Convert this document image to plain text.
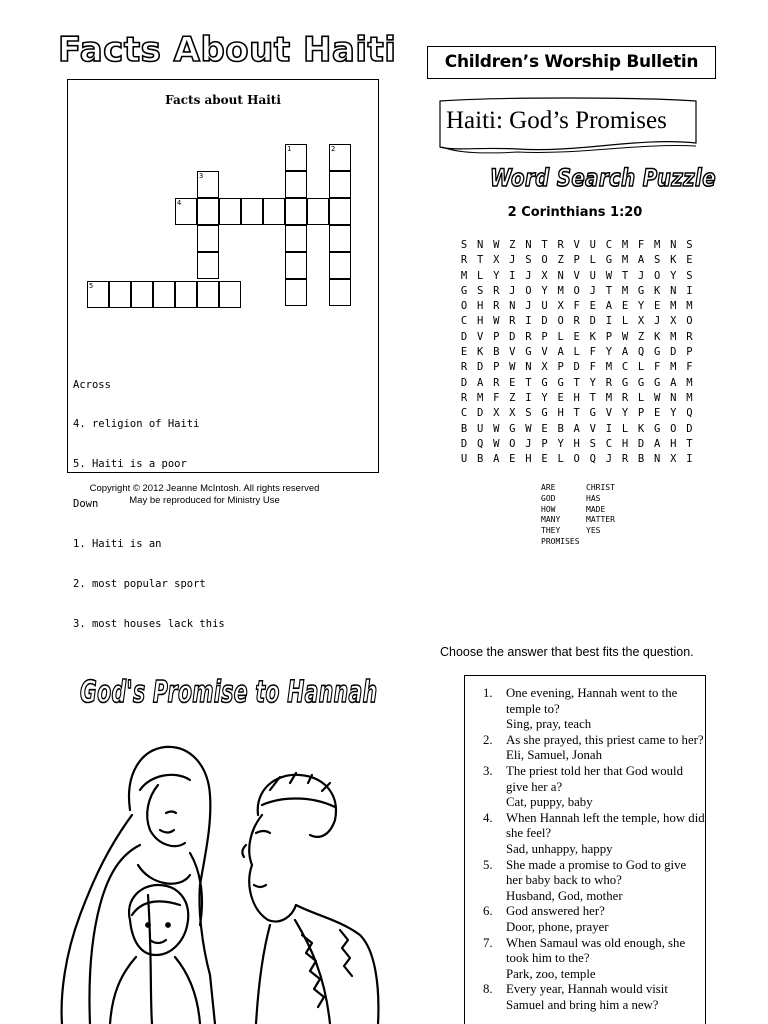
Facts About Haiti
Facts about Haiti
1	2
3
4
5

Across

4. religion of Haiti

5. Haiti is a poor

Down

1. Haiti is an

2. most popular sport

3. most houses lack this

Copyright © 2012 Jeanne McIntosh. All rights reserved
May be reproduced for Ministry Use
Children’s Worship Bulletin
Haiti: God’s Promises
Word Search Puzzle
2 Corinthians 1:20
S N W Z N T R V U C M F M N S
R T X J S O Z P L G M A S K E
M L Y I J X N V U W T J O Y S
G S R J O Y M O J T M G K N I
O H R N J U X F E A E Y E M M
C H W R I D O R D I L X J X O
D V P D R P L E K P W Z K M R
E K B V G V A L F Y A Q G D P
R D P W N X P D F M C L F M F
D A R E T G G T Y R G G G A M
R M F Z I Y E H T M R L W N M
C D X X S G H T G V Y P E Y Q
B U W G W E B A V I L K G O D
D Q W O J P Y H S C H D A H T
U B A E H E L O Q J R B N X I
ARE	CHRIST
GOD	HAS
HOW	MADE
MANY	MATTER
THEY	YES
PROMISES
God's Promise to Hannah
Choose the answer that best fits the question.
1.	One evening, Hannah went to the temple to?
Sing, pray, teach
2.	As she prayed, this priest came to her?
Eli, Samuel, Jonah
3.	The priest told her that God would give her a?
Cat, puppy, baby
4.	When Hannah left the temple, how did she feel?
Sad, unhappy, happy
5.	She made a promise to God to give her baby back to who?
Husband, God, mother
6.	God answered her?
Door, phone, prayer
7.	When Samaul was old enough, she took him to the?
Park, zoo, temple
8.	Every year, Hannah would visit Samuel and bring him a new?
